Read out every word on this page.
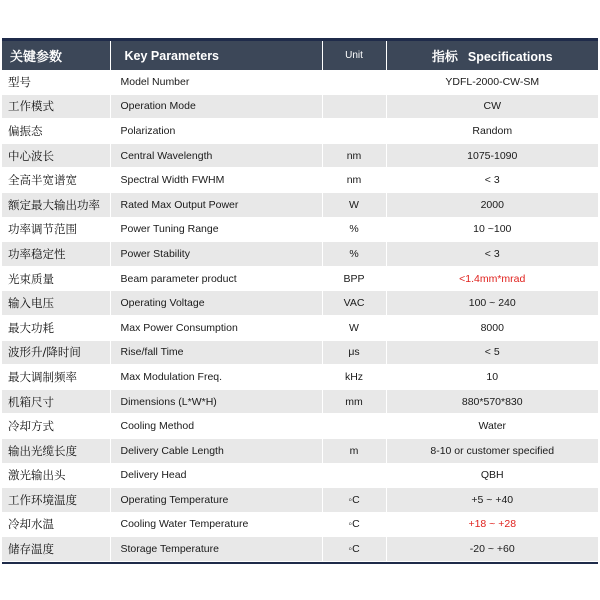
关键参数	Key Parameters	Unit	指标 Specifications
型号	Model Number		YDFL-2000-CW-SM
工作模式	Operation Mode		CW
偏振态	Polarization		Random
中心波长	Central Wavelength	nm	1075-1090
全高半宽谱宽	Spectral Width FWHM	nm	< 3
额定最大输出功率	Rated Max Output Power	W	2000
功率调节范围	Power Tuning Range	%	10 ~100
功率稳定性	Power Stability	%	< 3
光束质量	Beam parameter product	BPP	<1.4mm*mrad
输入电压	Operating Voltage	VAC	100 ~ 240
最大功耗	Max Power Consumption	W	8000
波形升/降时间	Rise/fall Time	μs	< 5
最大调制频率	Max Modulation Freq.	kHz	10
机箱尺寸	Dimensions (L*W*H)	mm	880*570*830
冷却方式	Cooling Method		Water
输出光缆长度	Delivery Cable Length	m	8-10 or customer specified
激光输出头	Delivery Head		QBH
工作环境温度	Operating Temperature	◦C	+5 ~ +40
冷却水温	Cooling Water Temperature	◦C	+18 ~ +28
储存温度	Storage Temperature	◦C	-20 ~ +60
